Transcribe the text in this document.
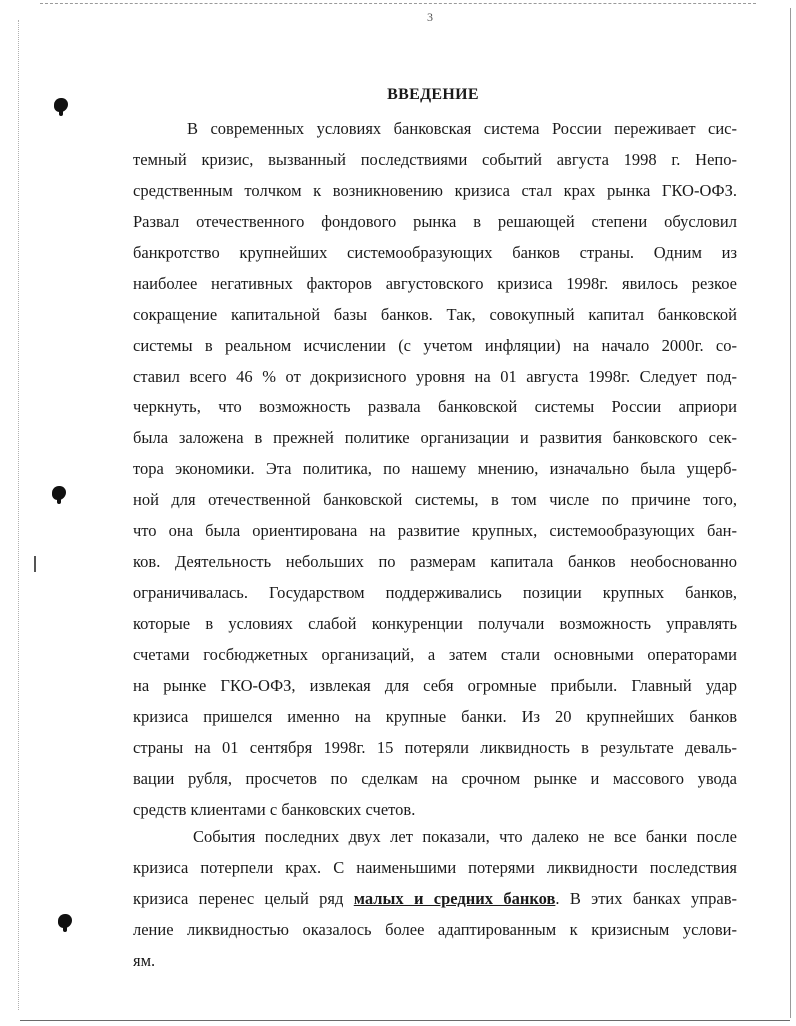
3
ВВЕДЕНИЕ
В современных условиях банковская система России переживает сис-
темный кризис, вызванный последствиями событий августа 1998 г. Непо-
средственным толчком к возникновению кризиса стал крах рынка ГКО-ОФЗ.
Развал отечественного фондового рынка в решающей степени обусловил
банкротство крупнейших системообразующих банков страны. Одним из
наиболее негативных факторов августовского кризиса 1998г. явилось резкое
сокращение капитальной базы банков. Так, совокупный капитал банковской
системы в реальном исчислении (с учетом инфляции) на начало 2000г. со-
ставил всего 46 % от докризисного уровня на 01 августа 1998г. Следует под-
черкнуть, что возможность развала банковской системы России априори
была заложена в прежней политике организации и развития банковского сек-
тора экономики. Эта политика, по нашему мнению, изначально была ущерб-
ной для отечественной банковской системы, в том числе по причине того,
что она была ориентирована на развитие крупных, системообразующих бан-
ков. Деятельность небольших по размерам капитала банков необоснованно
ограничивалась. Государством поддерживались позиции крупных банков,
которые в условиях слабой конкуренции получали возможность управлять
счетами госбюджетных организаций, а затем стали основными операторами
на рынке ГКО-ОФЗ, извлекая для себя огромные прибыли. Главный удар
кризиса пришелся именно на крупные банки. Из 20 крупнейших банков
страны на 01 сентября 1998г. 15 потеряли ликвидность в результате деваль-
вации рубля, просчетов по сделкам на срочном рынке и массового увода
средств клиентами с банковских счетов.
События последних двух лет показали, что далеко не все банки после
кризиса потерпели крах. С наименьшими потерями ликвидности последствия
кризиса перенес целый ряд малых и средних банков. В этих банках управ-
ление ликвидностью оказалось более адаптированным к кризисным услови-
ям.
